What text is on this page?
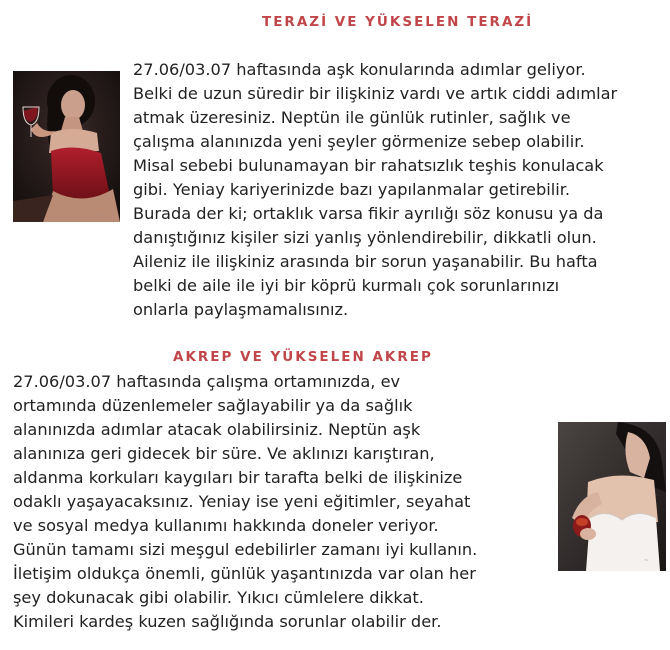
TERAZİ VE YÜKSELEN TERAZİ
~
27.06/03.07 haftasında aşk konularında adımlar geliyor.
Belki de uzun süredir bir ilişkiniz vardı ve artık ciddi adımlar
atmak üzeresiniz. Neptün ile günlük rutinler, sağlık ve
çalışma alanınızda yeni şeyler görmenize sebep olabilir.
Misal sebebi bulunamayan bir rahatsızlık teşhis konulacak
gibi. Yeniay kariyerinizde bazı yapılanmalar getirebilir.
Burada der ki; ortaklık varsa fikir ayrılığı söz konusu ya da
danıştığınız kişiler sizi yanlış yönlendirebilir, dikkatli olun.
Aileniz ile ilişkiniz arasında bir sorun yaşanabilir. Bu hafta
belki de aile ile iyi bir köprü kurmalı çok sorunlarınızı
onlarla paylaşmamalısınız.
AKREP VE YÜKSELEN AKREP
27.06/03.07 haftasında çalışma ortamınızda, ev
ortamında düzenlemeler sağlayabilir ya da sağlık
alanınızda adımlar atacak olabilirsiniz. Neptün aşk
alanınıza geri gidecek bir süre. Ve aklınızı karıştıran,
aldanma korkuları kaygıları bir tarafta belki de ilişkinize
odaklı yaşayacaksınız. Yeniay ise yeni eğitimler, seyahat
ve sosyal medya kullanımı hakkında doneler veriyor.
Günün tamamı sizi meşgul edebilirler zamanı iyi kullanın.
İletişim oldukça önemli, günlük yaşantınızda var olan her
şey dokunacak gibi olabilir. Yıkıcı cümlelere dikkat.
Kimileri kardeş kuzen sağlığında sorunlar olabilir der.
~
